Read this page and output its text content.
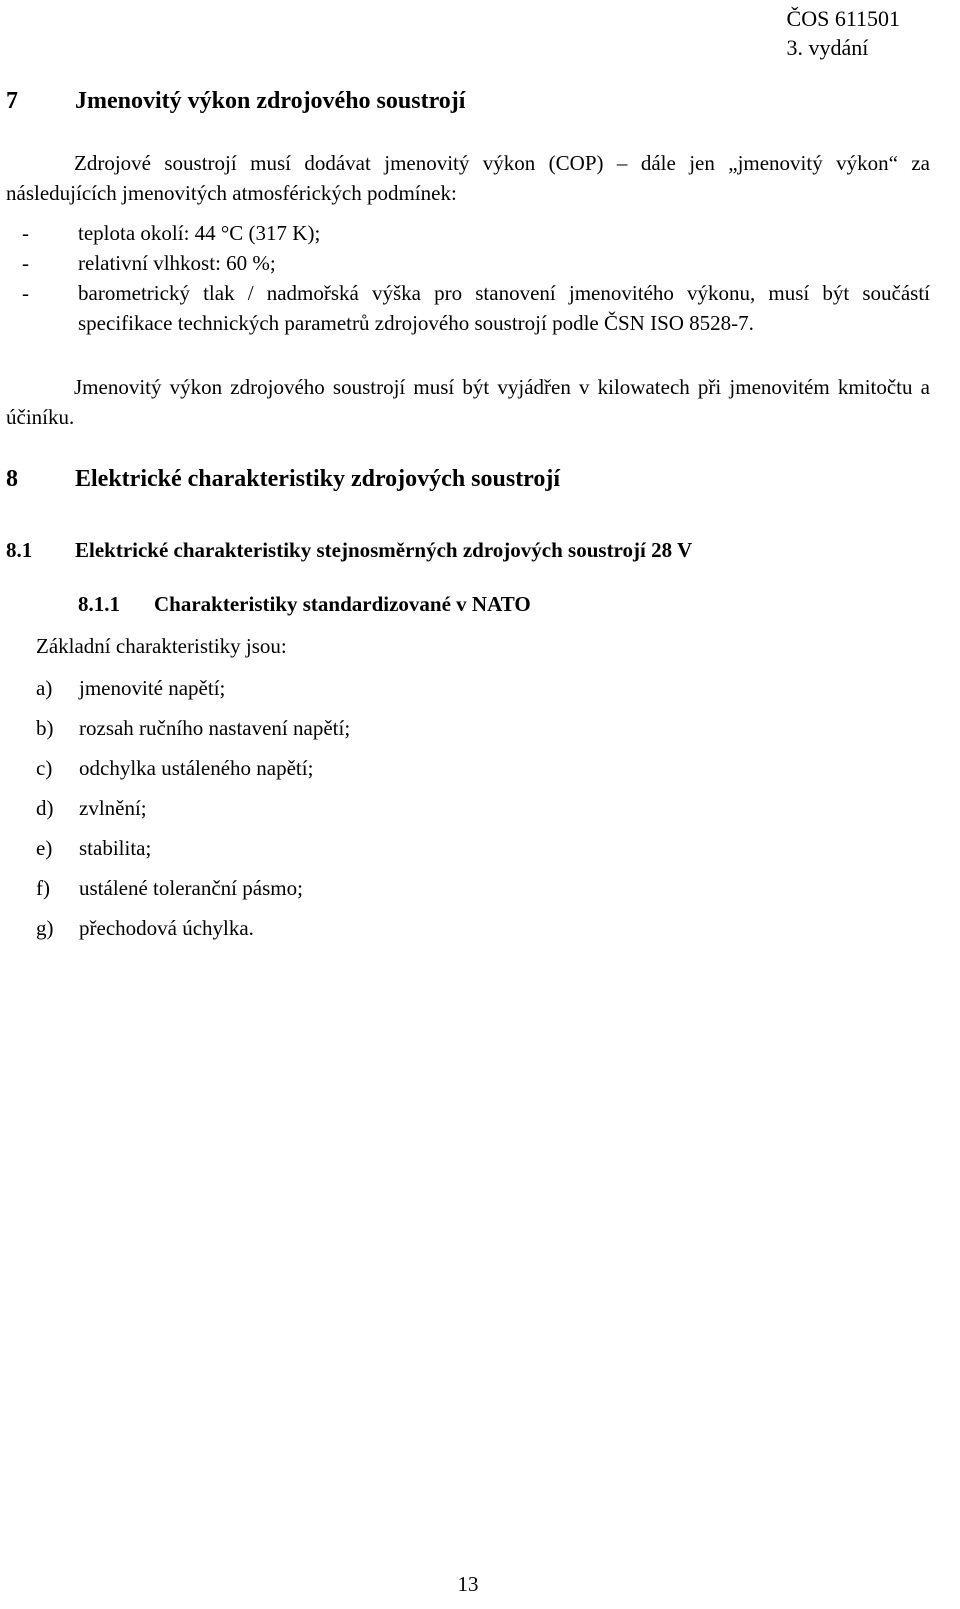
ČOS 611501
3. vydání
7 Jmenovitý výkon zdrojového soustrojí
Zdrojové soustrojí musí dodávat jmenovitý výkon (COP) – dále jen „jmenovitý výkon“ za následujících jmenovitých atmosférických podmínek:
- teplota okolí: 44 °C (317 K);
- relativní vlhkost: 60 %;
- barometrický tlak / nadmořská výška pro stanovení jmenovitého výkonu, musí být součástí specifikace technických parametrů zdrojového soustrojí podle ČSN ISO 8528-7.
Jmenovitý výkon zdrojového soustrojí musí být vyjádřen v kilowatech při jmenovitém kmitočtu a účiníku.
8 Elektrické charakteristiky zdrojových soustrojí
8.1 Elektrické charakteristiky stejnosměrných zdrojových soustrojí 28 V
8.1.1 Charakteristiky standardizované v NATO
Základní charakteristiky jsou:
a) jmenovité napětí;
b) rozsah ručního nastavení napětí;
c) odchylka ustáleného napětí;
d) zvlnění;
e) stabilita;
f) ustálené toleranční pásmo;
g) přechodová úchylka.
13
